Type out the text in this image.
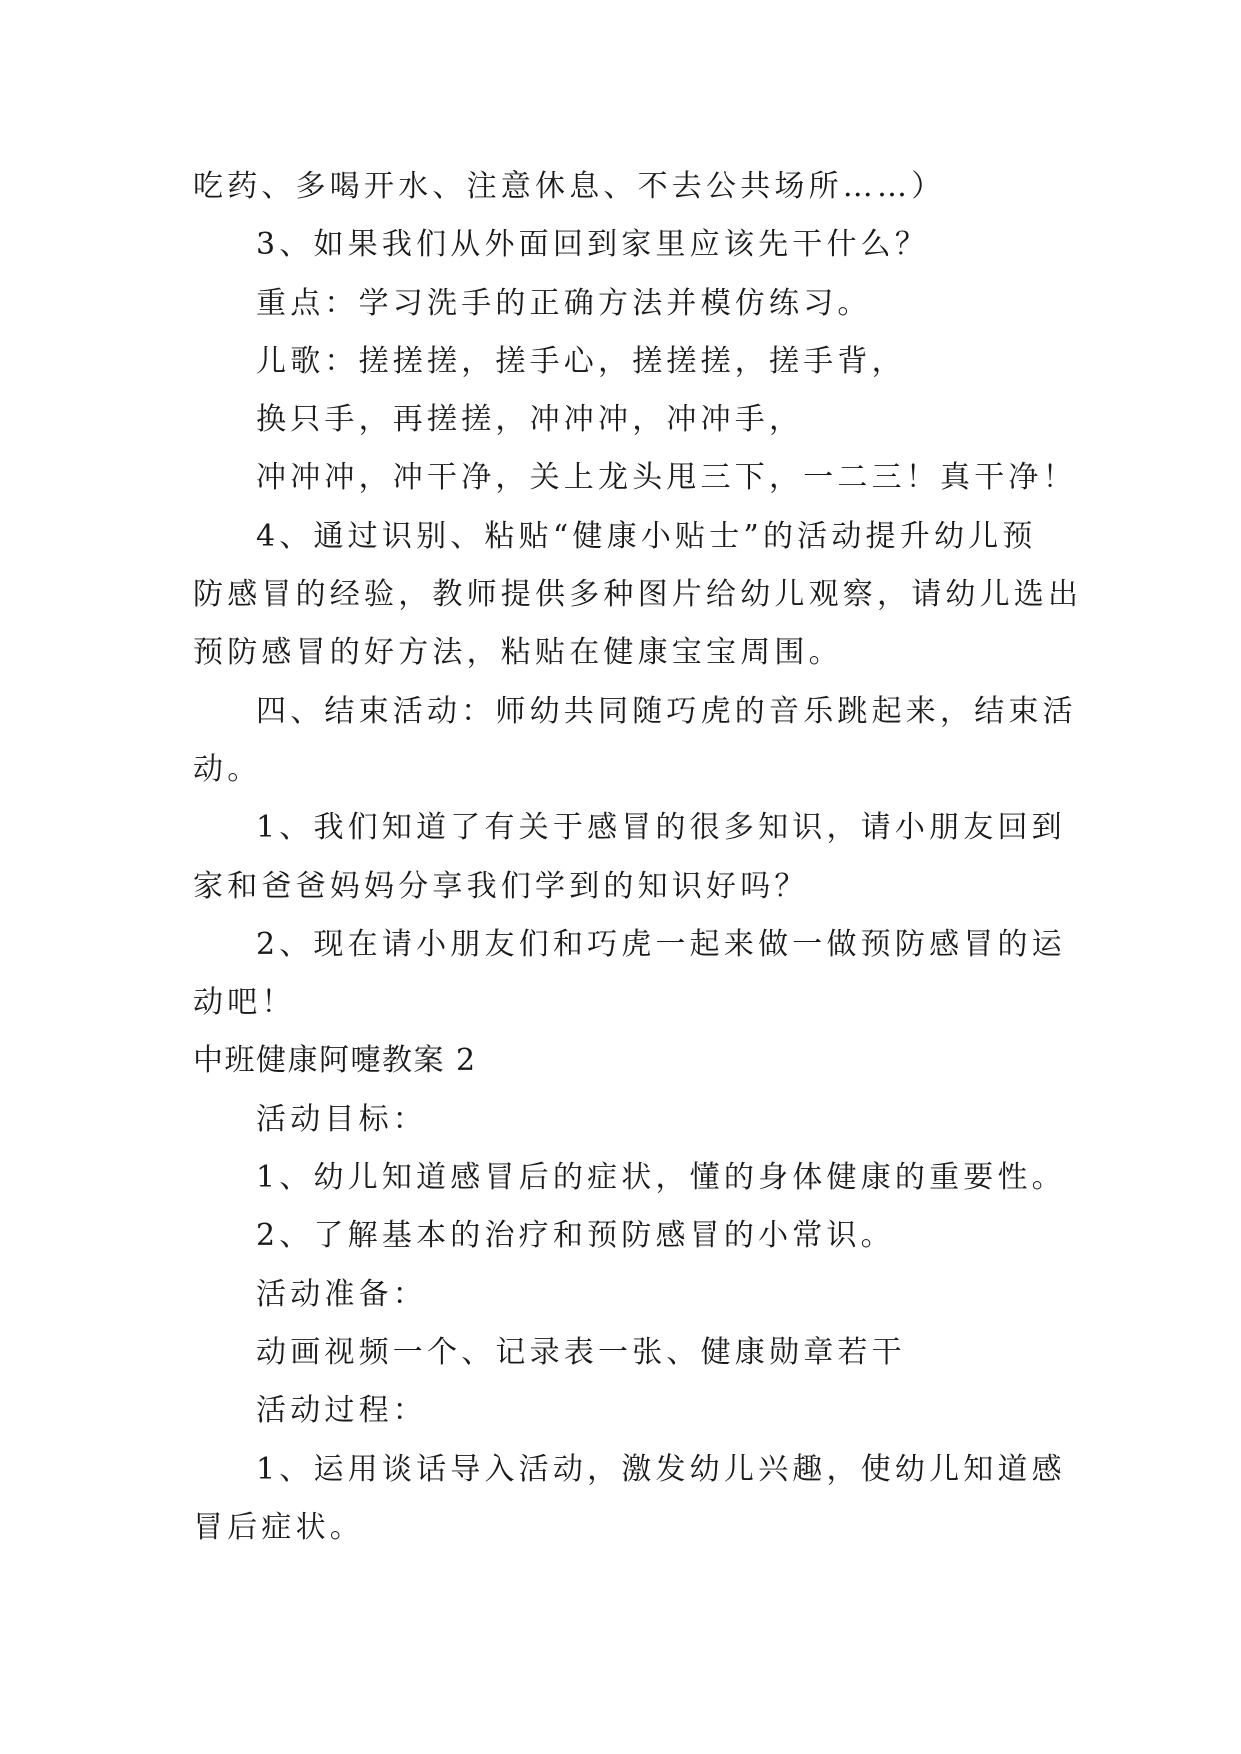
吃药、多喝开水、注意休息、不去公共场所……）
3、如果我们从外面回到家里应该先干什么？
重点：学习洗手的正确方法并模仿练习。
儿歌：搓搓搓，搓手心，搓搓搓，搓手背，
换只手，再搓搓，冲冲冲，冲冲手，
冲冲冲，冲干净，关上龙头甩三下，一二三！真干净！
4、通过识别、粘贴“健康小贴士”的活动提升幼儿预
防感冒的经验，教师提供多种图片给幼儿观察，请幼儿选出
预防感冒的好方法，粘贴在健康宝宝周围。
四、结束活动：师幼共同随巧虎的音乐跳起来，结束活
动。
1、我们知道了有关于感冒的很多知识，请小朋友回到
家和爸爸妈妈分享我们学到的知识好吗？
2、现在请小朋友们和巧虎一起来做一做预防感冒的运
动吧！
中班健康阿嚏教案 2
活动目标：
1、幼儿知道感冒后的症状，懂的身体健康的重要性。
2、了解基本的治疗和预防感冒的小常识。
活动准备：
动画视频一个、记录表一张、健康勋章若干
活动过程：
1、运用谈话导入活动，激发幼儿兴趣，使幼儿知道感
冒后症状。
